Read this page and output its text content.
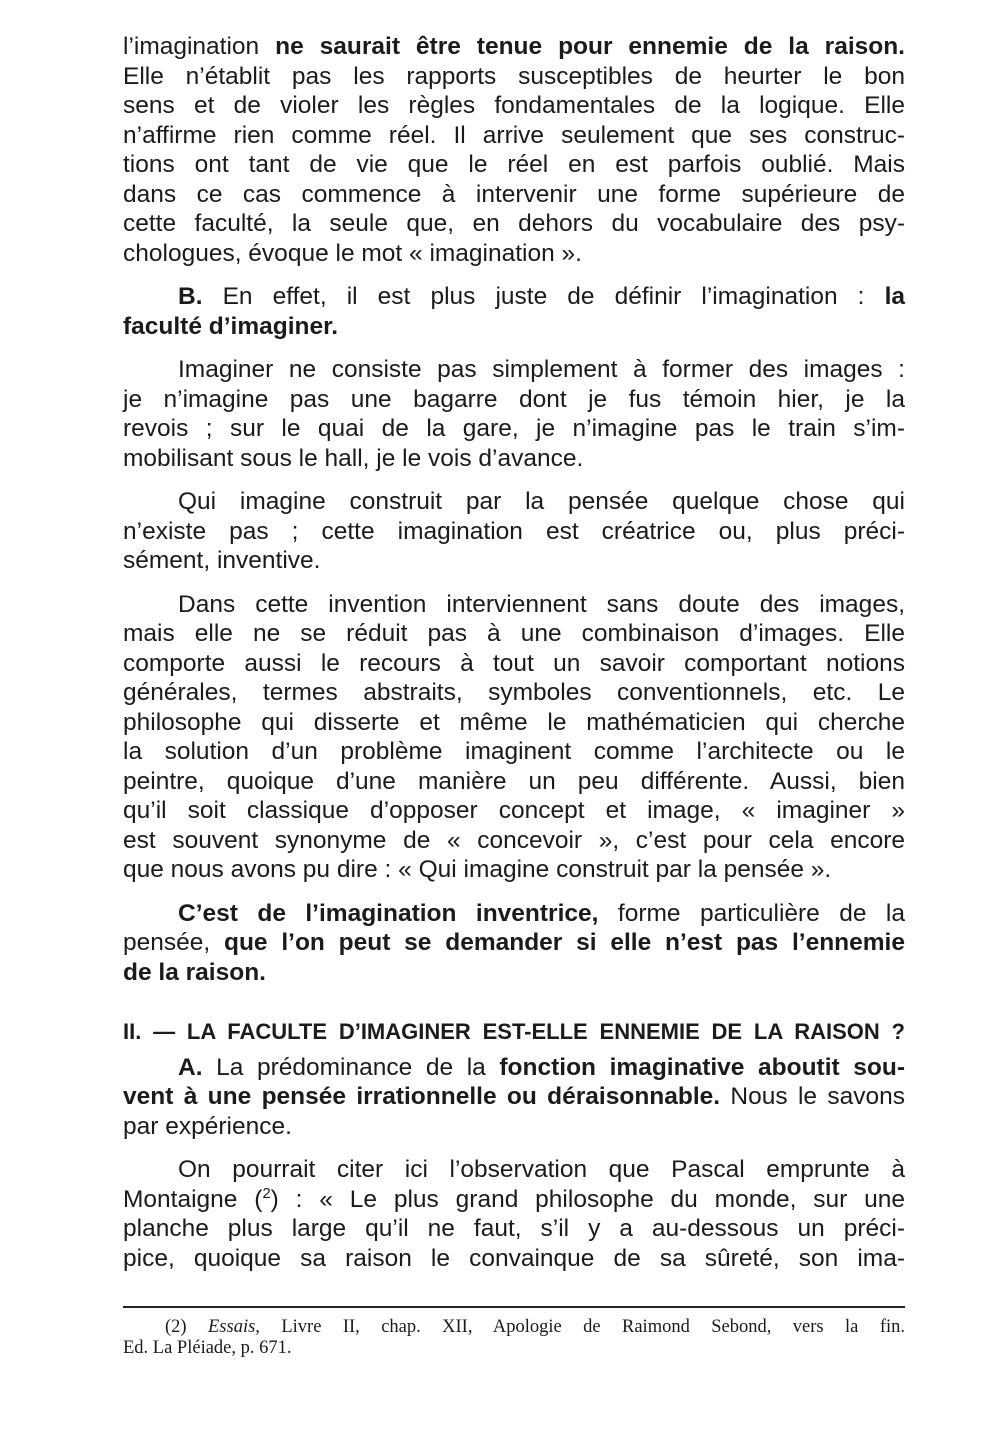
l’imagination ne saurait être tenue pour ennemie de la raison.
Elle n’établit pas les rapports susceptibles de heurter le bon
sens et de violer les règles fondamentales de la logique. Elle
n’affirme rien comme réel. Il arrive seulement que ses construc-
tions ont tant de vie que le réel en est parfois oublié. Mais
dans ce cas commence à intervenir une forme supérieure de
cette faculté, la seule que, en dehors du vocabulaire des psy-
chologues, évoque le mot « imagination ».
B. En effet, il est plus juste de définir l’imagination : la
faculté d’imaginer.
Imaginer ne consiste pas simplement à former des images :
je n’imagine pas une bagarre dont je fus témoin hier, je la
revois ; sur le quai de la gare, je n’imagine pas le train s’im-
mobilisant sous le hall, je le vois d’avance.
Qui imagine construit par la pensée quelque chose qui
n’existe pas ; cette imagination est créatrice ou, plus préci-
sément, inventive.
Dans cette invention interviennent sans doute des images,
mais elle ne se réduit pas à une combinaison d’images. Elle
comporte aussi le recours à tout un savoir comportant notions
générales, termes abstraits, symboles conventionnels, etc. Le
philosophe qui disserte et même le mathématicien qui cherche
la solution d’un problème imaginent comme l’architecte ou le
peintre, quoique d’une manière un peu différente. Aussi, bien
qu’il soit classique d’opposer concept et image, « imaginer »
est souvent synonyme de « concevoir », c’est pour cela encore
que nous avons pu dire : « Qui imagine construit par la pensée ».
C’est de l’imagination inventrice, forme particulière de la
pensée, que l’on peut se demander si elle n’est pas l’ennemie
de la raison.
II. — LA FACULTE D’IMAGINER EST-ELLE ENNEMIE DE LA RAISON ?
A. La prédominance de la fonction imaginative aboutit sou-
vent à une pensée irrationnelle ou déraisonnable. Nous le savons
par expérience.
On pourrait citer ici l’observation que Pascal emprunte à
Montaigne ($^2$) : « Le plus grand philosophe du monde, sur une
planche plus large qu’il ne faut, s’il y a au-dessous un préci-
pice, quoique sa raison le convainque de sa sûreté, son ima-
(2) Essais, Livre II, chap. XII, Apologie de Raimond Sebond, vers la fin.
Ed. La Pléiade, p. 671.
